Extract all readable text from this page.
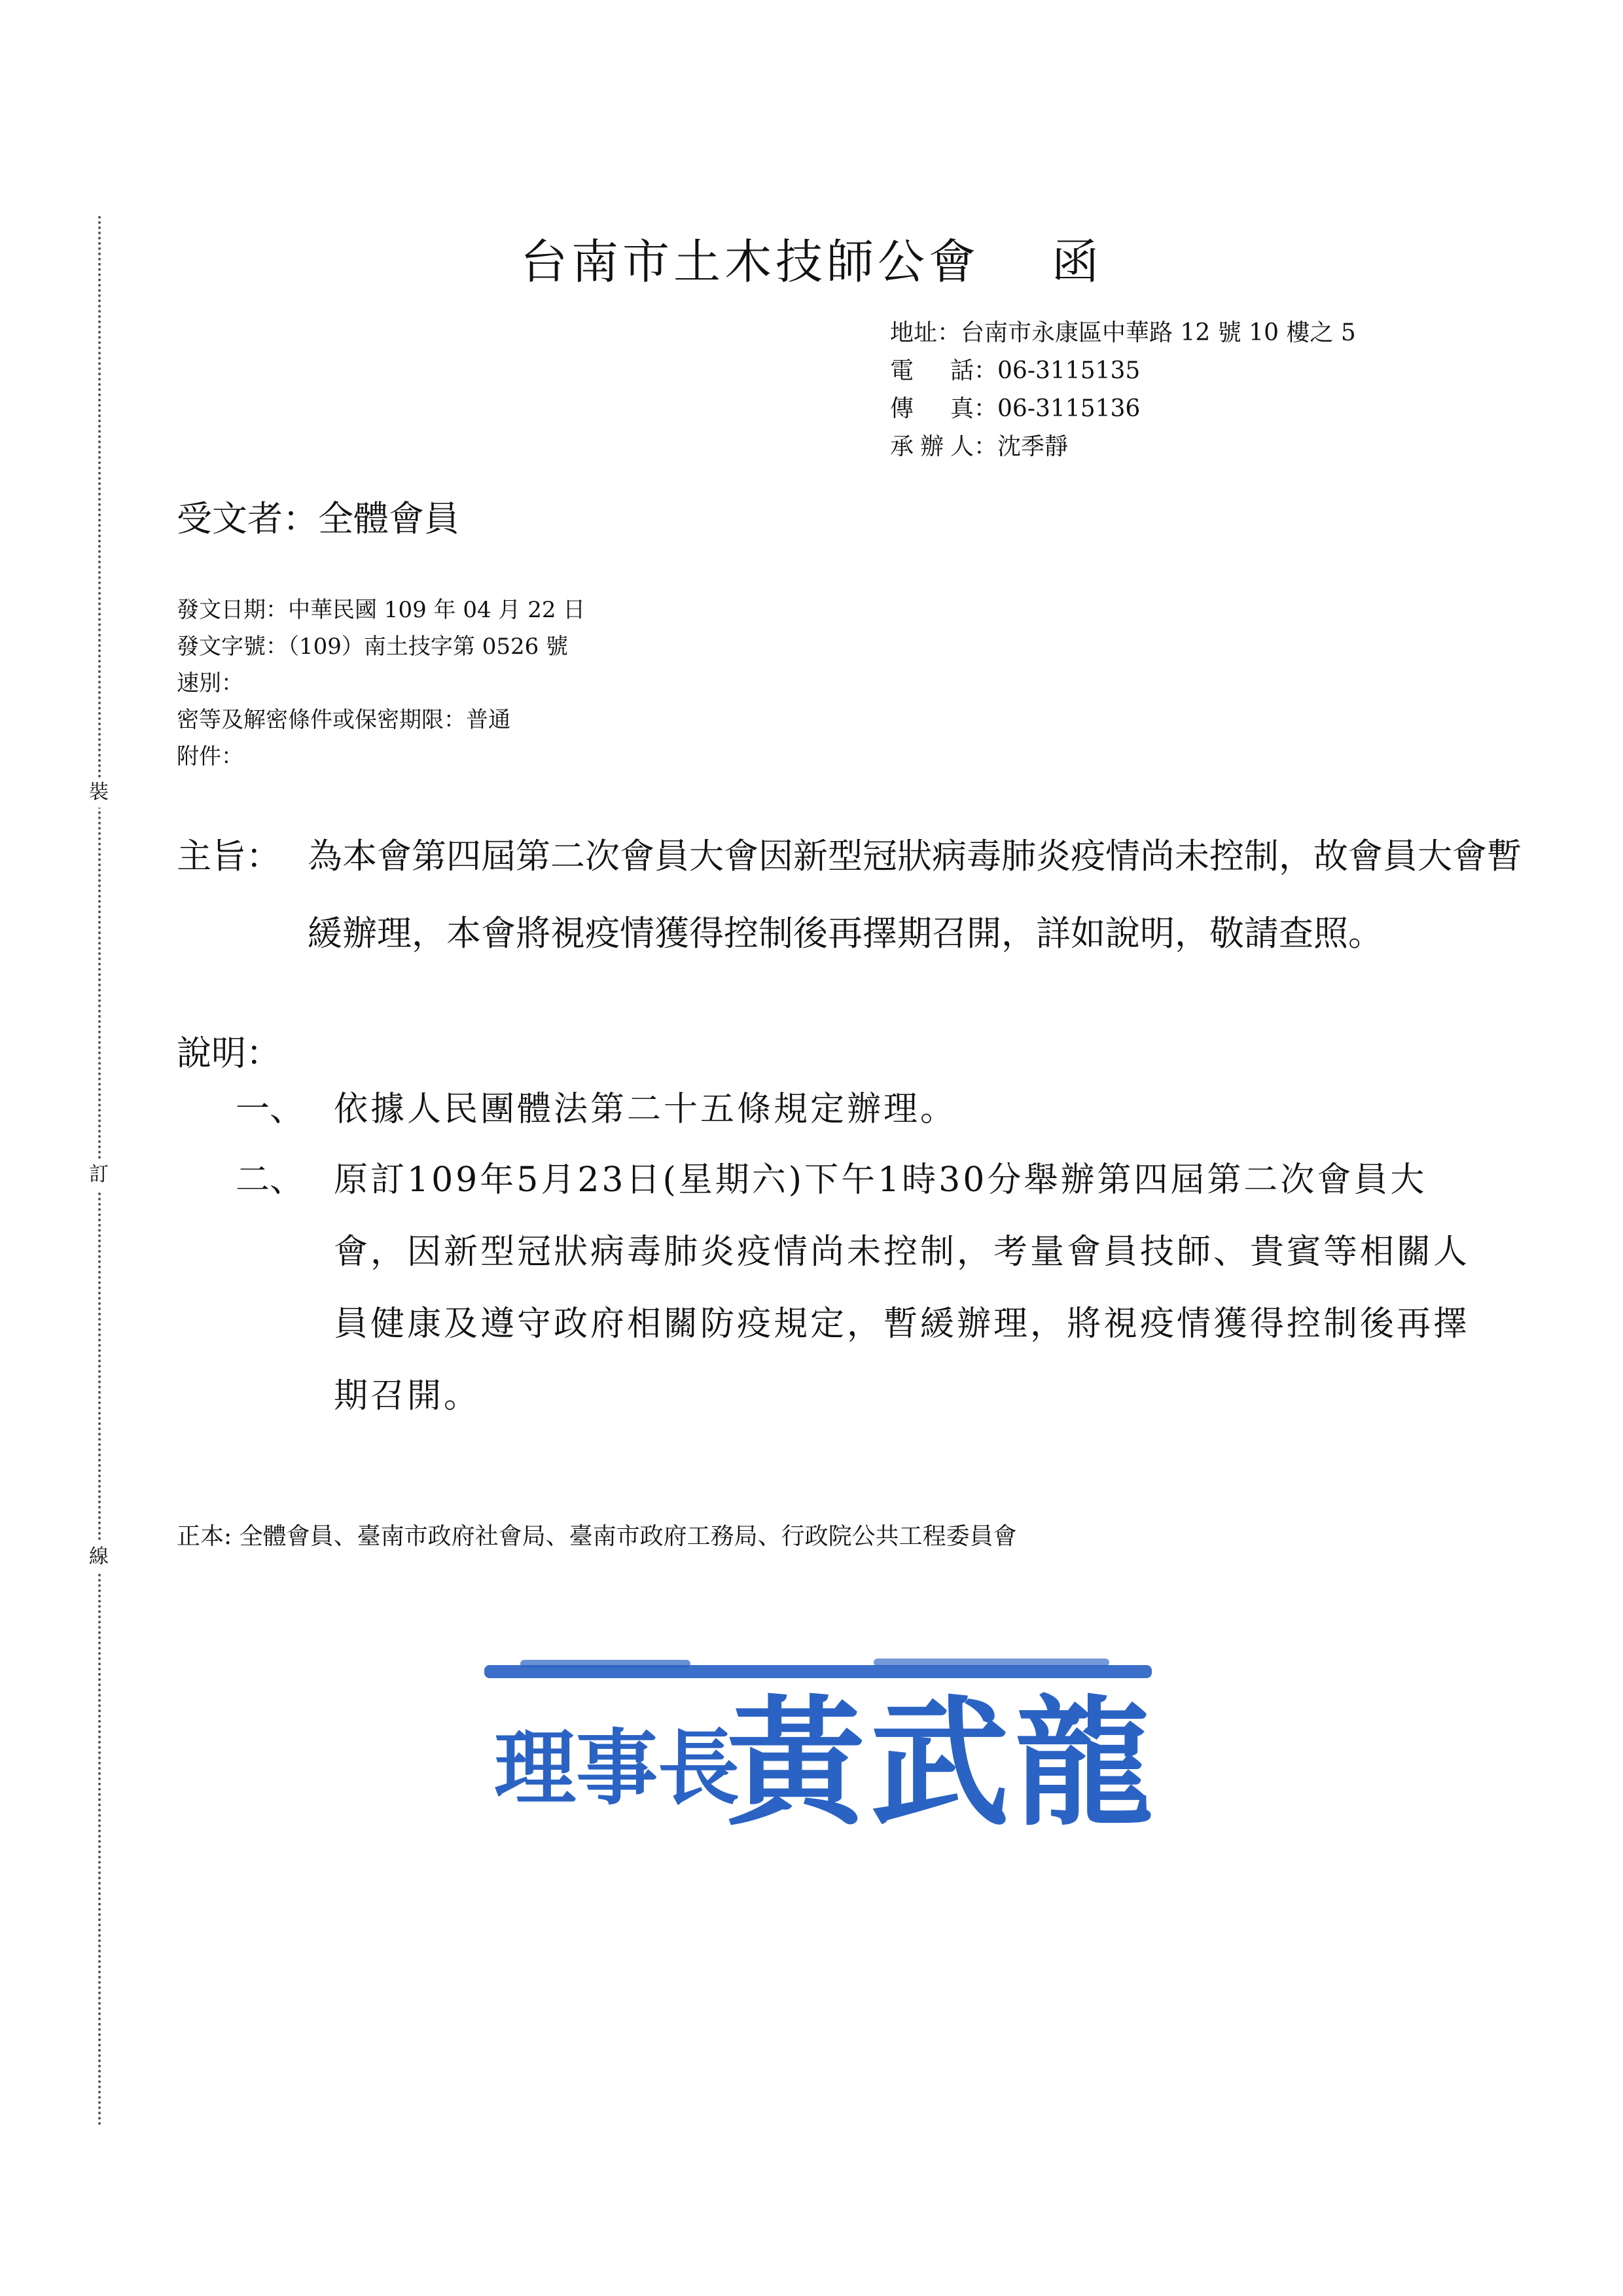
裝
訂
線
台南市土木技師公會 函
地址：台南市永康區中華路 12 號 10 樓之 5
電　話：06-3115135
傳　真：06-3115136
承辦人：沈季靜
受文者：全體會員
發文日期：中華民國 109 年 04 月 22 日
發文字號：（109）南土技字第 0526 號
速別：
密等及解密條件或保密期限：普通
附件：
主旨： 為本會第四屆第二次會員大會因新型冠狀病毒肺炎疫情尚未控制，故會員大會暫緩辦理，本會將視疫情獲得控制後再擇期召開，詳如說明，敬請查照。
說明：
一、 依據人民團體法第二十五條規定辦理。
二、 原訂109年5月23日(星期六)下午1時30分舉辦第四屆第二次會員大會，因新型冠狀病毒肺炎疫情尚未控制，考量會員技師、貴賓等相關人員健康及遵守政府相關防疫規定，暫緩辦理，將視疫情獲得控制後再擇期召開。
正本: 全體會員、臺南市政府社會局、臺南市政府工務局、行政院公共工程委員會
理事長
黃武龍
